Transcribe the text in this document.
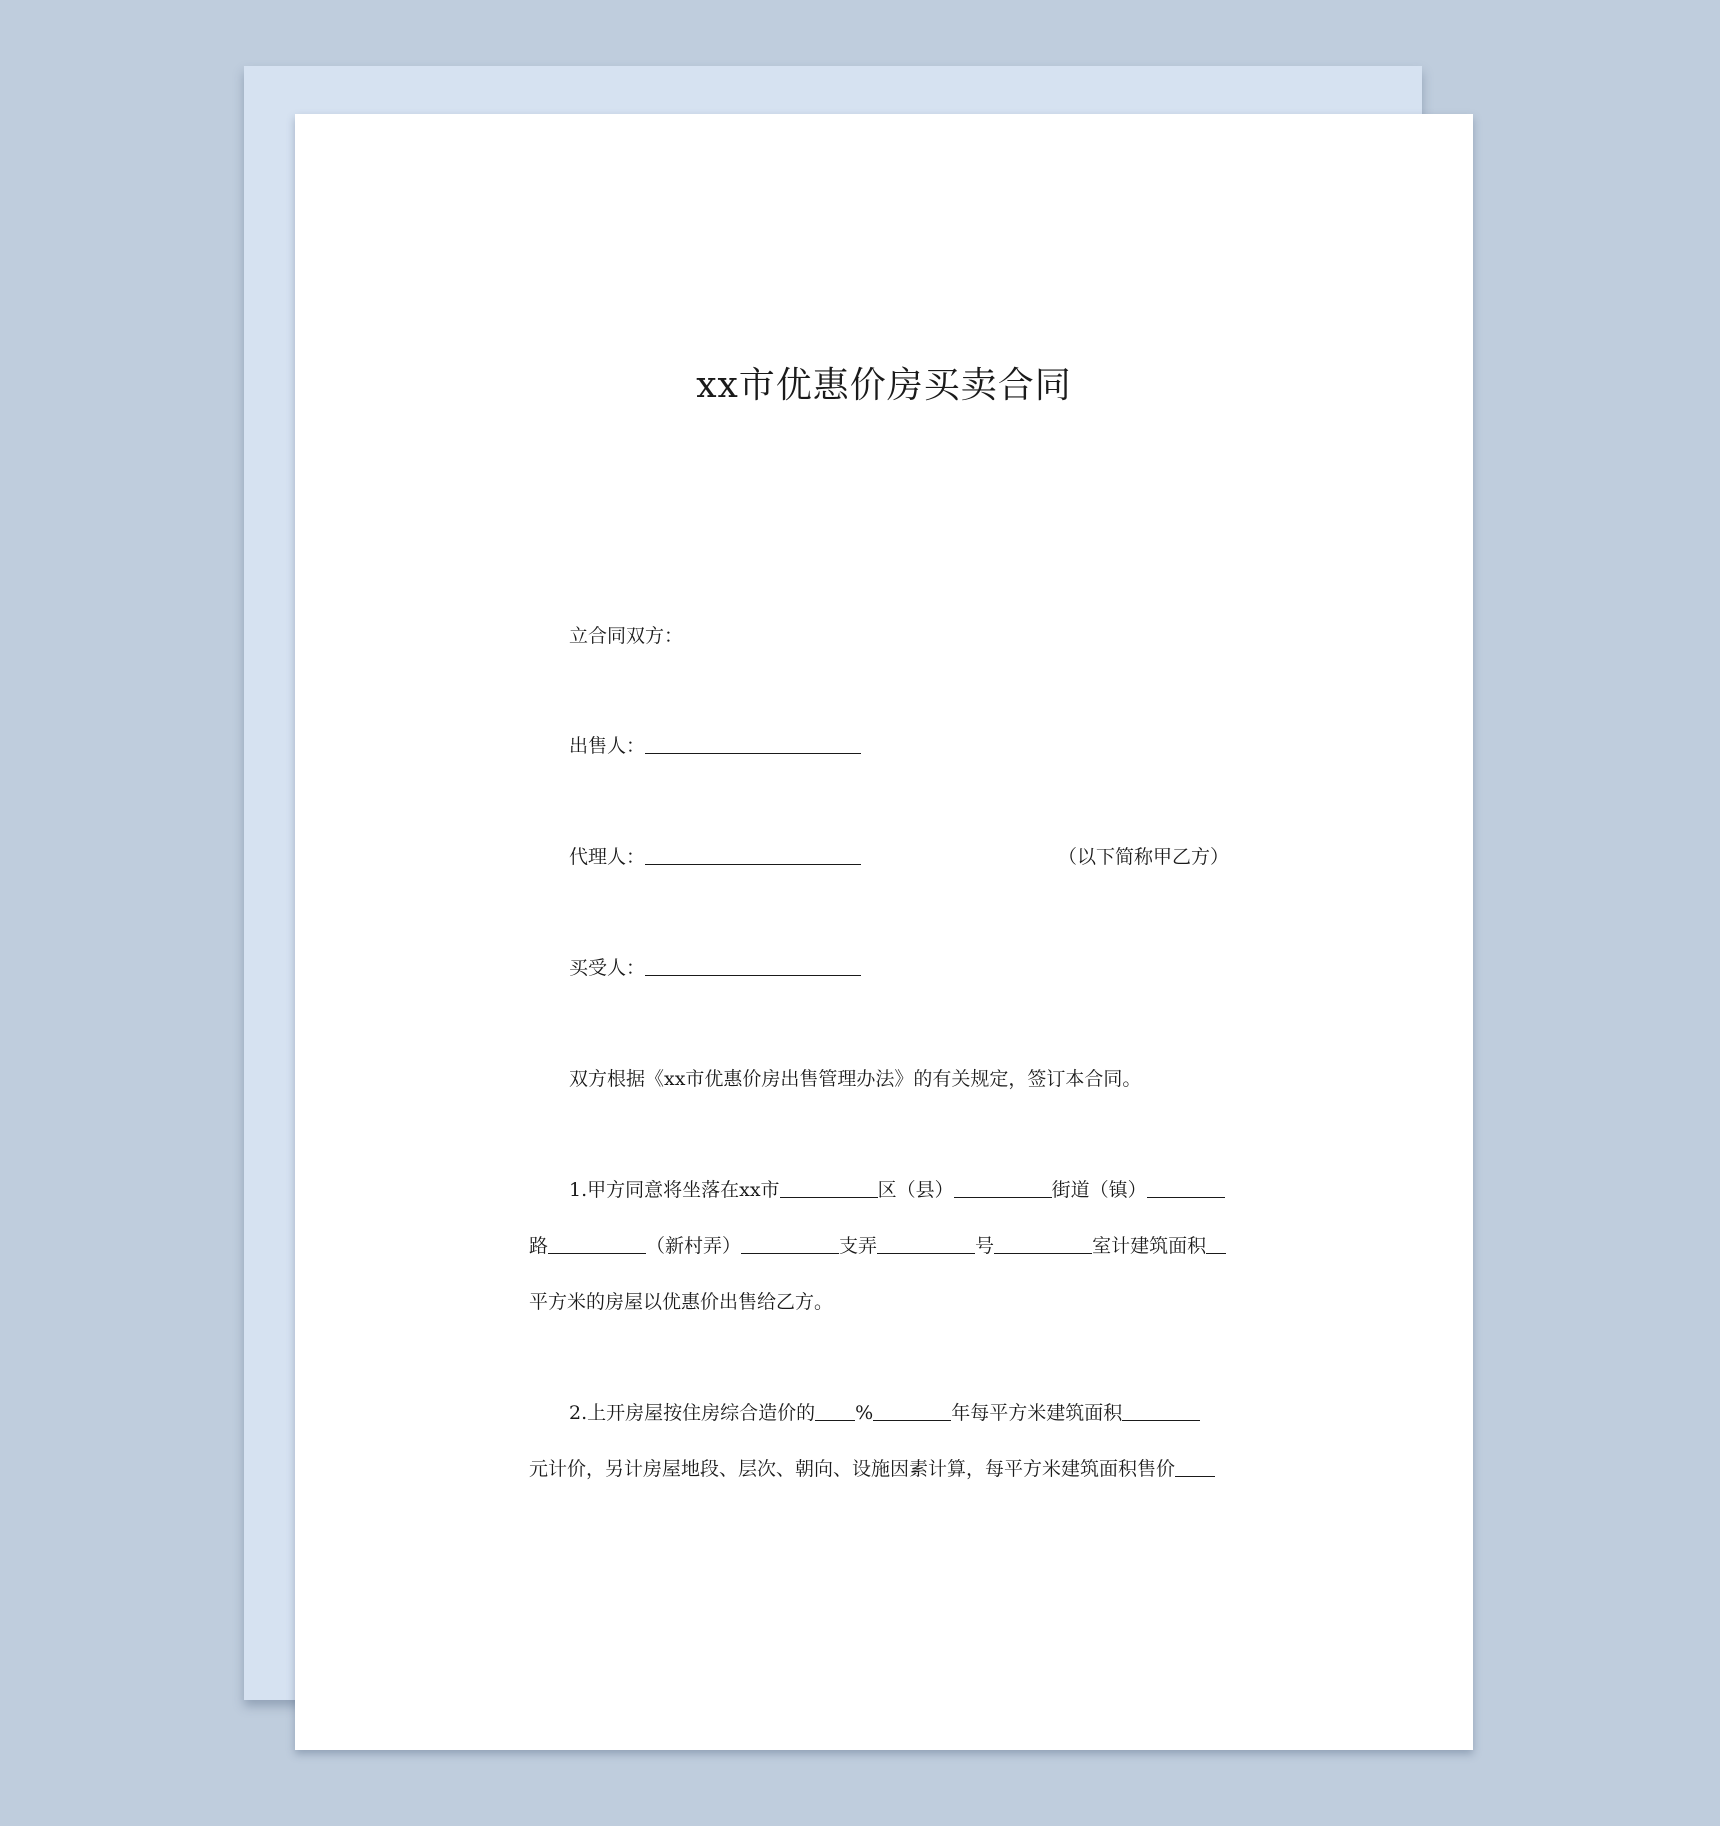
xx市优惠价房买卖合同
立合同双方：
出售人：
代理人：	（以下简称甲乙方）
买受人：
双方根据《xx市优惠价房出售管理办法》的有关规定，签订本合同。
1.甲方同意将坐落在xx市	区（县）	街道（镇）
路	（新村弄）	支弄	号	室计建筑面积
平方米的房屋以优惠价出售给乙方。
2.上开房屋按住房综合造价的 %	年每平方米建筑面积
元计价，另计房屋地段、层次、朝向、设施因素计算，每平方米建筑面积售价
